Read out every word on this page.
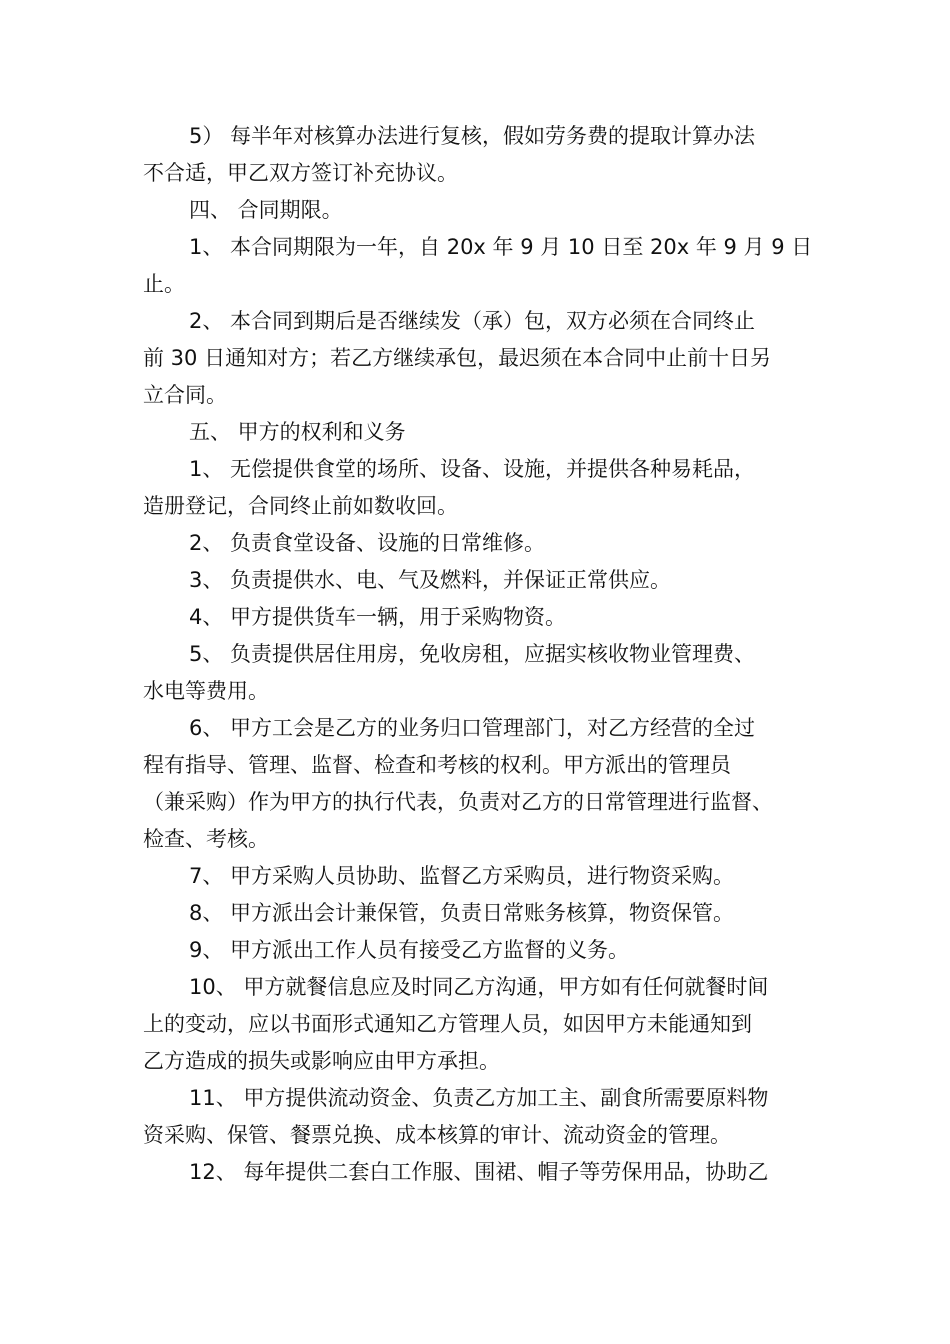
5） 每半年对核算办法进行复核，假如劳务费的提取计算办法
不合适，甲乙双方签订补充协议。

四、 合同期限。

1、 本合同期限为一年，自 20x 年 9 月 10 日至 20x 年 9 月 9 日
止。

2、 本合同到期后是否继续发（承）包，双方必须在合同终止
前 30 日通知对方；若乙方继续承包，最迟须在本合同中止前十日另
立合同。

五、 甲方的权利和义务

1、 无偿提供食堂的场所、设备、设施，并提供各种易耗品，
造册登记，合同终止前如数收回。

2、 负责食堂设备、设施的日常维修。

3、 负责提供水、电、气及燃料，并保证正常供应。

4、 甲方提供货车一辆，用于采购物资。

5、 负责提供居住用房，免收房租，应据实核收物业管理费、
水电等费用。

6、 甲方工会是乙方的业务归口管理部门，对乙方经营的全过
程有指导、管理、监督、检查和考核的权利。甲方派出的管理员
（兼采购）作为甲方的执行代表，负责对乙方的日常管理进行监督、
检查、考核。

7、 甲方采购人员协助、监督乙方采购员，进行物资采购。

8、 甲方派出会计兼保管，负责日常账务核算，物资保管。

9、 甲方派出工作人员有接受乙方监督的义务。

10、 甲方就餐信息应及时同乙方沟通，甲方如有任何就餐时间
上的变动，应以书面形式通知乙方管理人员，如因甲方未能通知到
乙方造成的损失或影响应由甲方承担。

11、 甲方提供流动资金、负责乙方加工主、副食所需要原料物
资采购、保管、餐票兑换、成本核算的审计、流动资金的管理。

12、 每年提供二套白工作服、围裙、帽子等劳保用品，协助乙
